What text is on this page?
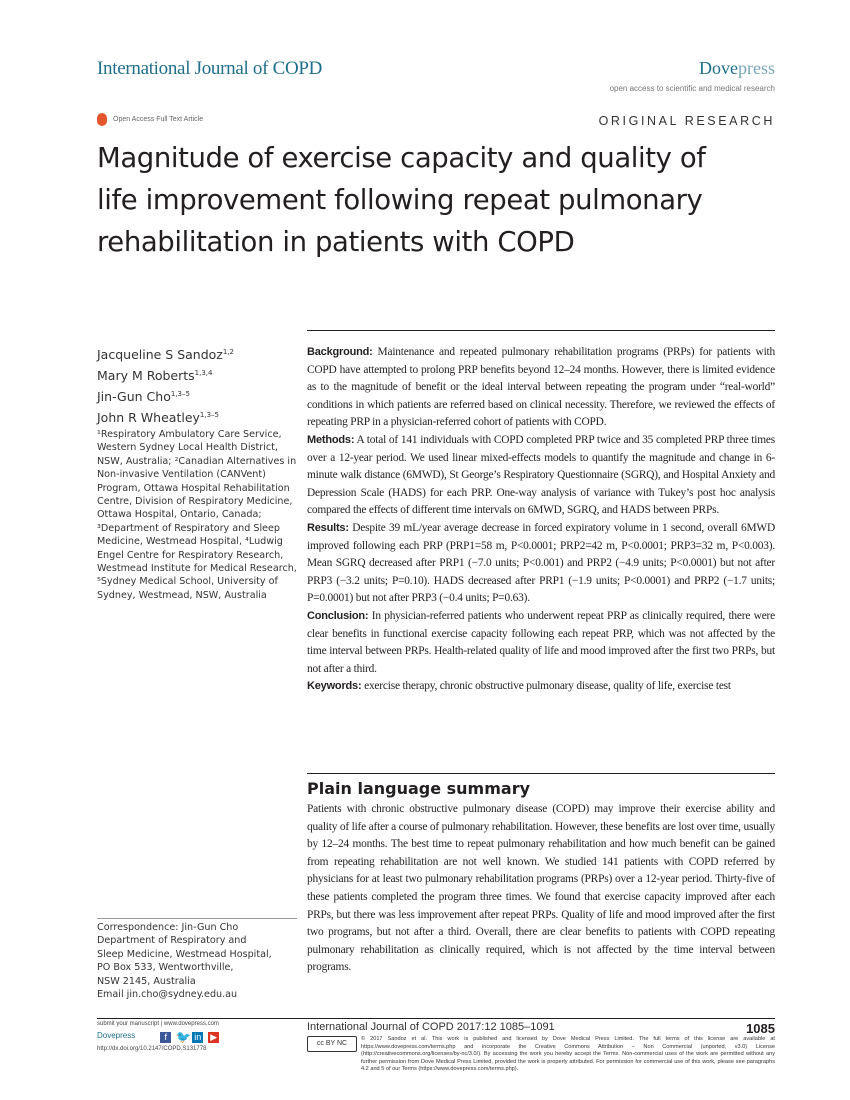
International Journal of COPD	Dovepress
open access to scientific and medical research
Open Access Full Text Article	ORIGINAL RESEARCH
Magnitude of exercise capacity and quality of life improvement following repeat pulmonary rehabilitation in patients with COPD
Jacqueline S Sandoz$^{1,2}$
Mary M Roberts$^{1,3,4}$
Jin-Gun Cho$^{1,3-5}$
John R Wheatley$^{1,3-5}$
¹Respiratory Ambulatory Care Service, Western Sydney Local Health District, NSW, Australia; ²Canadian Alternatives in Non-invasive Ventilation (CANVent) Program, Ottawa Hospital Rehabilitation Centre, Division of Respiratory Medicine, Ottawa Hospital, Ontario, Canada; ³Department of Respiratory and Sleep Medicine, Westmead Hospital, ⁴Ludwig Engel Centre for Respiratory Research, Westmead Institute for Medical Research, ⁵Sydney Medical School, University of Sydney, Westmead, NSW, Australia
Correspondence: Jin-Gun Cho
Department of Respiratory and
Sleep Medicine, Westmead Hospital,
PO Box 533, Wentworthville,
NSW 2145, Australia
Email jin.cho@sydney.edu.au

Background: Maintenance and repeated pulmonary rehabilitation programs (PRPs) for patients with COPD have attempted to prolong PRP benefits beyond 12–24 months. However, there is limited evidence as to the magnitude of benefit or the ideal interval between repeating the program under “real-world” conditions in which patients are referred based on clinical necessity. Therefore, we reviewed the effects of repeating PRP in a physician-referred cohort of patients with COPD.

Methods: A total of 141 individuals with COPD completed PRP twice and 35 completed PRP three times over a 12-year period. We used linear mixed-effects models to quantify the magnitude and change in 6-minute walk distance (6MWD), St George’s Respiratory Questionnaire (SGRQ), and Hospital Anxiety and Depression Scale (HADS) for each PRP. One-way analysis of variance with Tukey’s post hoc analysis compared the effects of different time intervals on 6MWD, SGRQ, and HADS between PRPs.

Results: Despite 39 mL/year average decrease in forced expiratory volume in 1 second, overall 6MWD improved following each PRP (PRP1=58 m, P<0.0001; PRP2=42 m, P<0.0001; PRP3=32 m, P<0.003). Mean SGRQ decreased after PRP1 (−7.0 units; P<0.001) and PRP2 (−4.9 units; P<0.0001) but not after PRP3 (−3.2 units; P=0.10). HADS decreased after PRP1 (−1.9 units; P<0.0001) and PRP2 (−1.7 units; P=0.0001) but not after PRP3 (−0.4 units; P=0.63).

Conclusion: In physician-referred patients who underwent repeat PRP as clinically required, there were clear benefits in functional exercise capacity following each repeat PRP, which was not affected by the time interval between PRPs. Health-related quality of life and mood improved after the first two PRPs, but not after a third.

Keywords: exercise therapy, chronic obstructive pulmonary disease, quality of life, exercise test

Plain language summary
Patients with chronic obstructive pulmonary disease (COPD) may improve their exercise ability and quality of life after a course of pulmonary rehabilitation. However, these benefits are lost over time, usually by 12–24 months. The best time to repeat pulmonary rehabilitation and how much benefit can be gained from repeating rehabilitation are not well known. We studied 141 patients with COPD referred by physicians for at least two pulmonary rehabilitation programs (PRPs) over a 12-year period. Thirty-five of these patients completed the program three times. We found that exercise capacity improved after each PRPs, but there was less improvement after repeat PRPs. Quality of life and mood improved after the first two programs, but not after a third. Overall, there are clear benefits to patients with COPD repeating pulmonary rehabilitation as clinically required, which is not affected by the time interval between programs.
submit your manuscript | www.dovepress.com
Dovepress	f 🐦 in ▶
http://dx.doi.org/10.2147/COPD.S131778
International Journal of COPD 2017:12 1085–1091	1085
cc BY NC
© 2017 Sandoz et al. This work is published and licensed by Dove Medical Press Limited. The full terms of this license are available at https://www.dovepress.com/terms.php and incorporate the Creative Commons Attribution – Non Commercial (unported, v3.0) License (http://creativecommons.org/licenses/by-nc/3.0/). By accessing the work you hereby accept the Terms. Non-commercial uses of the work are permitted without any further permission from Dove Medical Press Limited, provided the work is properly attributed. For permission for commercial use of this work, please see paragraphs 4.2 and 5 of our Terms (https://www.dovepress.com/terms.php).
